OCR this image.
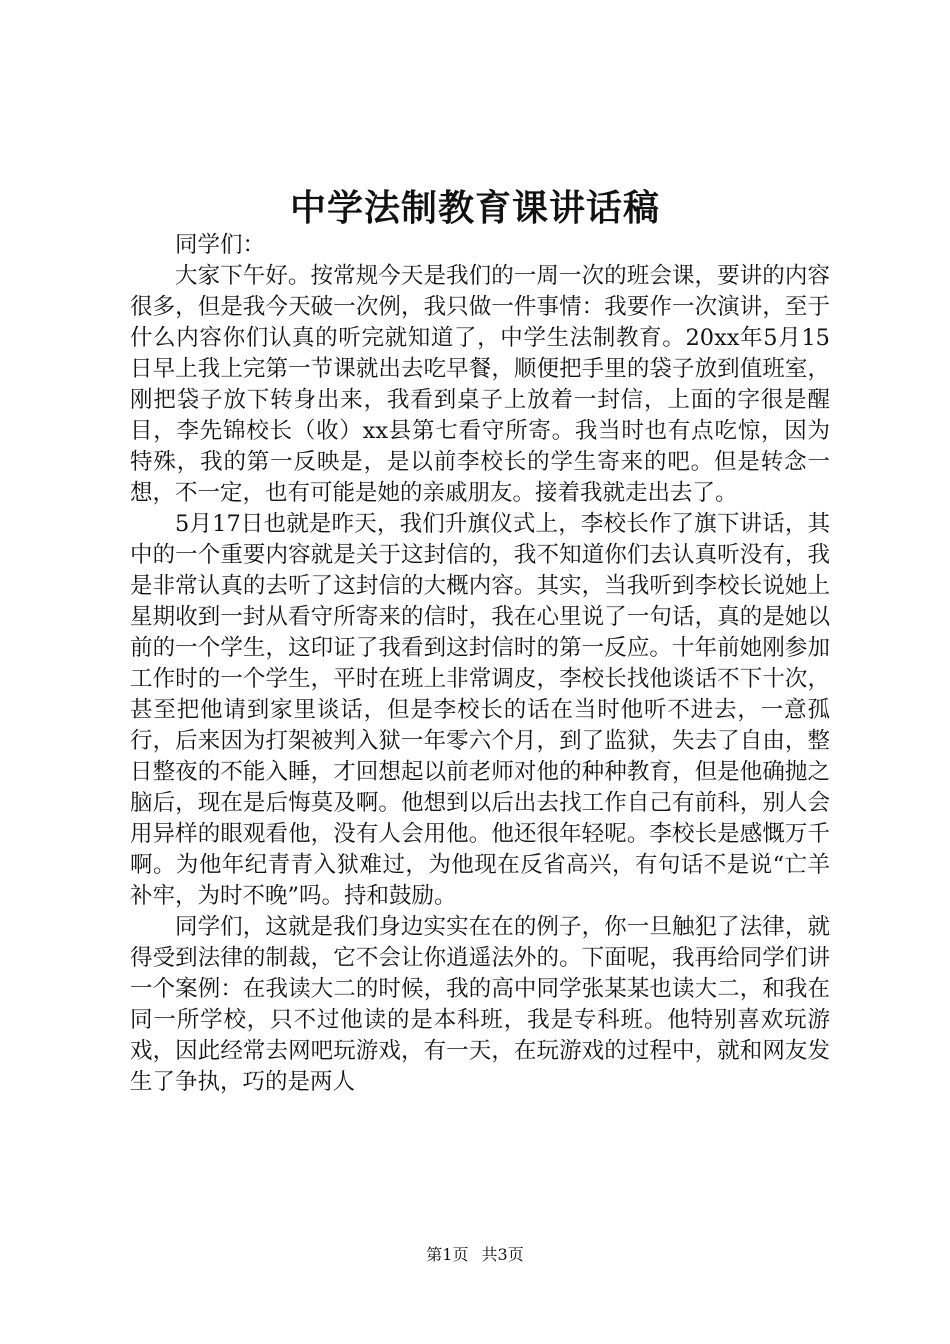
中学法制教育课讲话稿

同学们：

大家下午好。按常规今天是我们的一周一次的班会课，要讲的内容很多，但是我今天破一次例，我只做一件事情：我要作一次演讲，至于什么内容你们认真的听完就知道了，中学生法制教育。20xx年5月15日早上我上完第一节课就出去吃早餐，顺便把手里的袋子放到值班室，刚把袋子放下转身出来，我看到桌子上放着一封信，上面的字很是醒目，李先锦校长（收）xx县第七看守所寄。我当时也有点吃惊，因为特殊，我的第一反映是，是以前李校长的学生寄来的吧。但是转念一想，不一定，也有可能是她的亲戚朋友。接着我就走出去了。

5月17日也就是昨天，我们升旗仪式上，李校长作了旗下讲话，其中的一个重要内容就是关于这封信的，我不知道你们去认真听没有，我是非常认真的去听了这封信的大概内容。其实，当我听到李校长说她上星期收到一封从看守所寄来的信时，我在心里说了一句话，真的是她以前的一个学生，这印证了我看到这封信时的第一反应。十年前她刚参加工作时的一个学生，平时在班上非常调皮，李校长找他谈话不下十次，甚至把他请到家里谈话，但是李校长的话在当时他听不进去，一意孤行，后来因为打架被判入狱一年零六个月，到了监狱，失去了自由，整日整夜的不能入睡，才回想起以前老师对他的种种教育，但是他确抛之脑后，现在是后悔莫及啊。他想到以后出去找工作自己有前科，别人会用异样的眼观看他，没有人会用他。他还很年轻呢。李校长是感慨万千啊。为他年纪青青入狱难过，为他现在反省高兴，有句话不是说“亡羊补牢，为时不晚”吗。持和鼓励。

同学们，这就是我们身边实实在在的例子，你一旦触犯了法律，就得受到法律的制裁，它不会让你逍遥法外的。下面呢，我再给同学们讲一个案例：在我读大二的时候，我的高中同学张某某也读大二，和我在同一所学校，只不过他读的是本科班，我是专科班。他特别喜欢玩游戏，因此经常去网吧玩游戏，有一天，在玩游戏的过程中，就和网友发生了争执，巧的是两人

第1页 共3页
